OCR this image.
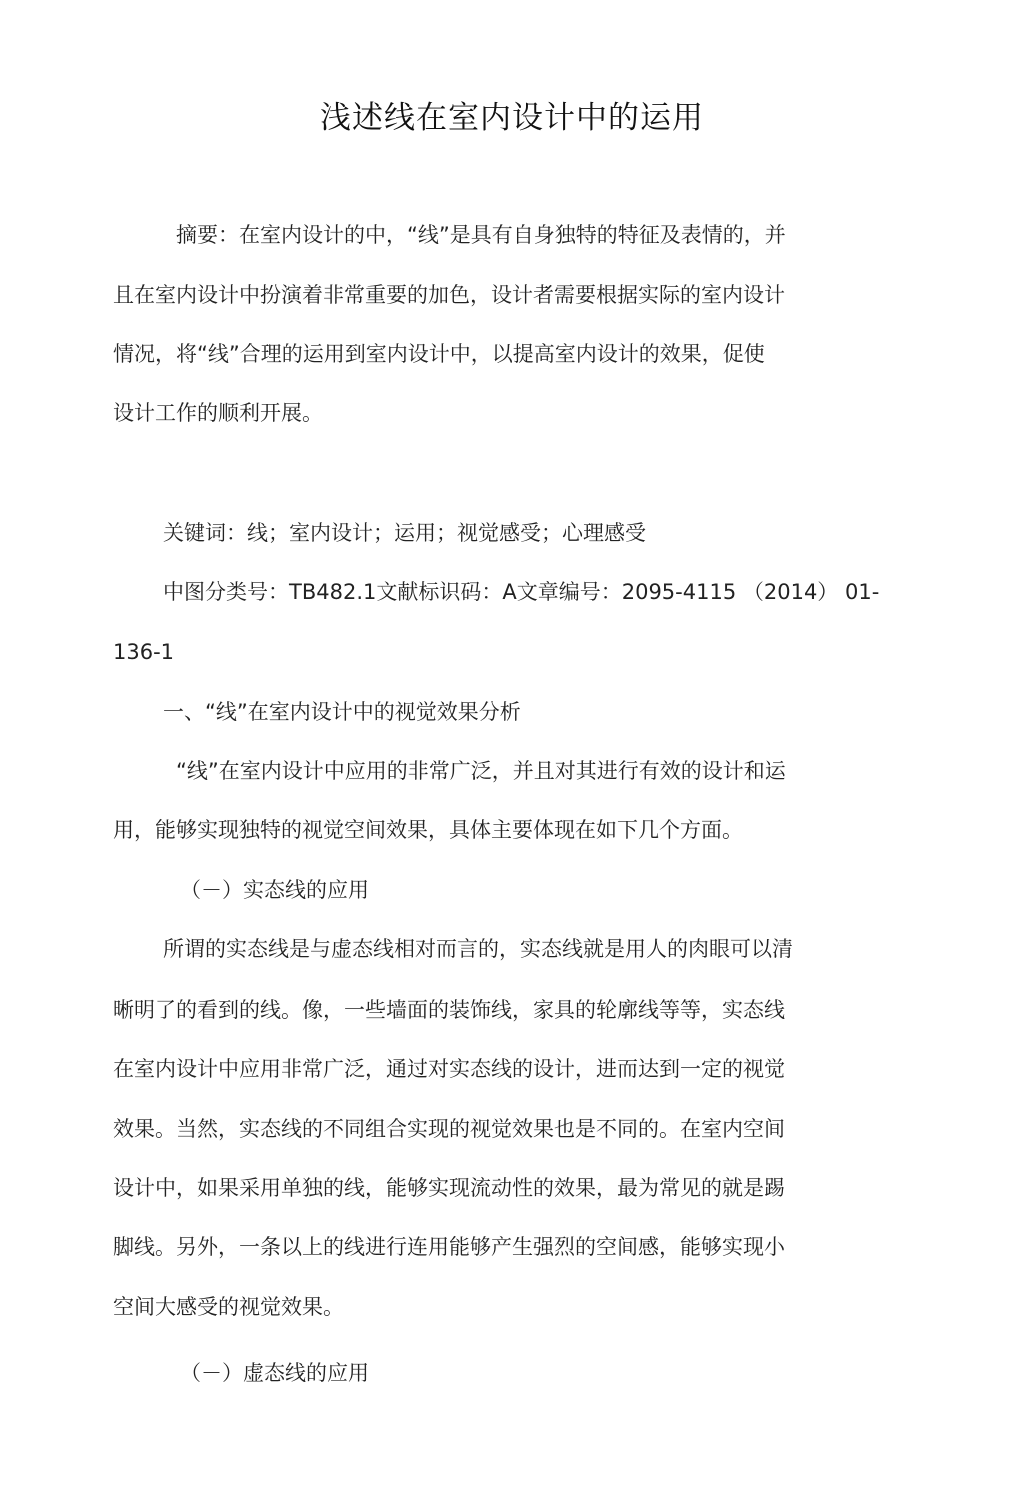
浅述线在室内设计中的运用
摘要：在室内设计的中，“线”是具有自身独特的特征及表情的，并
且在室内设计中扮演着非常重要的加色，设计者需要根据实际的室内设计
情况，将“线”合理的运用到室内设计中，以提高室内设计的效果，促使
设计工作的顺利开展。
关键词：线；室内设计；运用；视觉感受；心理感受
中图分类号：TB482.1文献标识码：A文章编号：2095-4115 （2014） 01-
136-1
一、“线”在室内设计中的视觉效果分析
“线”在室内设计中应用的非常广泛，并且对其进行有效的设计和运
用，能够实现独特的视觉空间效果，具体主要体现在如下几个方面。
（－）实态线的应用
所谓的实态线是与虚态线相对而言的，实态线就是用人的肉眼可以清
晰明了的看到的线。像，一些墙面的装饰线，家具的轮廓线等等，实态线
在室内设计中应用非常广泛，通过对实态线的设计，进而达到一定的视觉
效果。当然，实态线的不同组合实现的视觉效果也是不同的。在室内空间
设计中，如果采用单独的线，能够实现流动性的效果，最为常见的就是踢
脚线。另外，一条以上的线进行连用能够产生强烈的空间感，能够实现小
空间大感受的视觉效果。
（－）虚态线的应用
